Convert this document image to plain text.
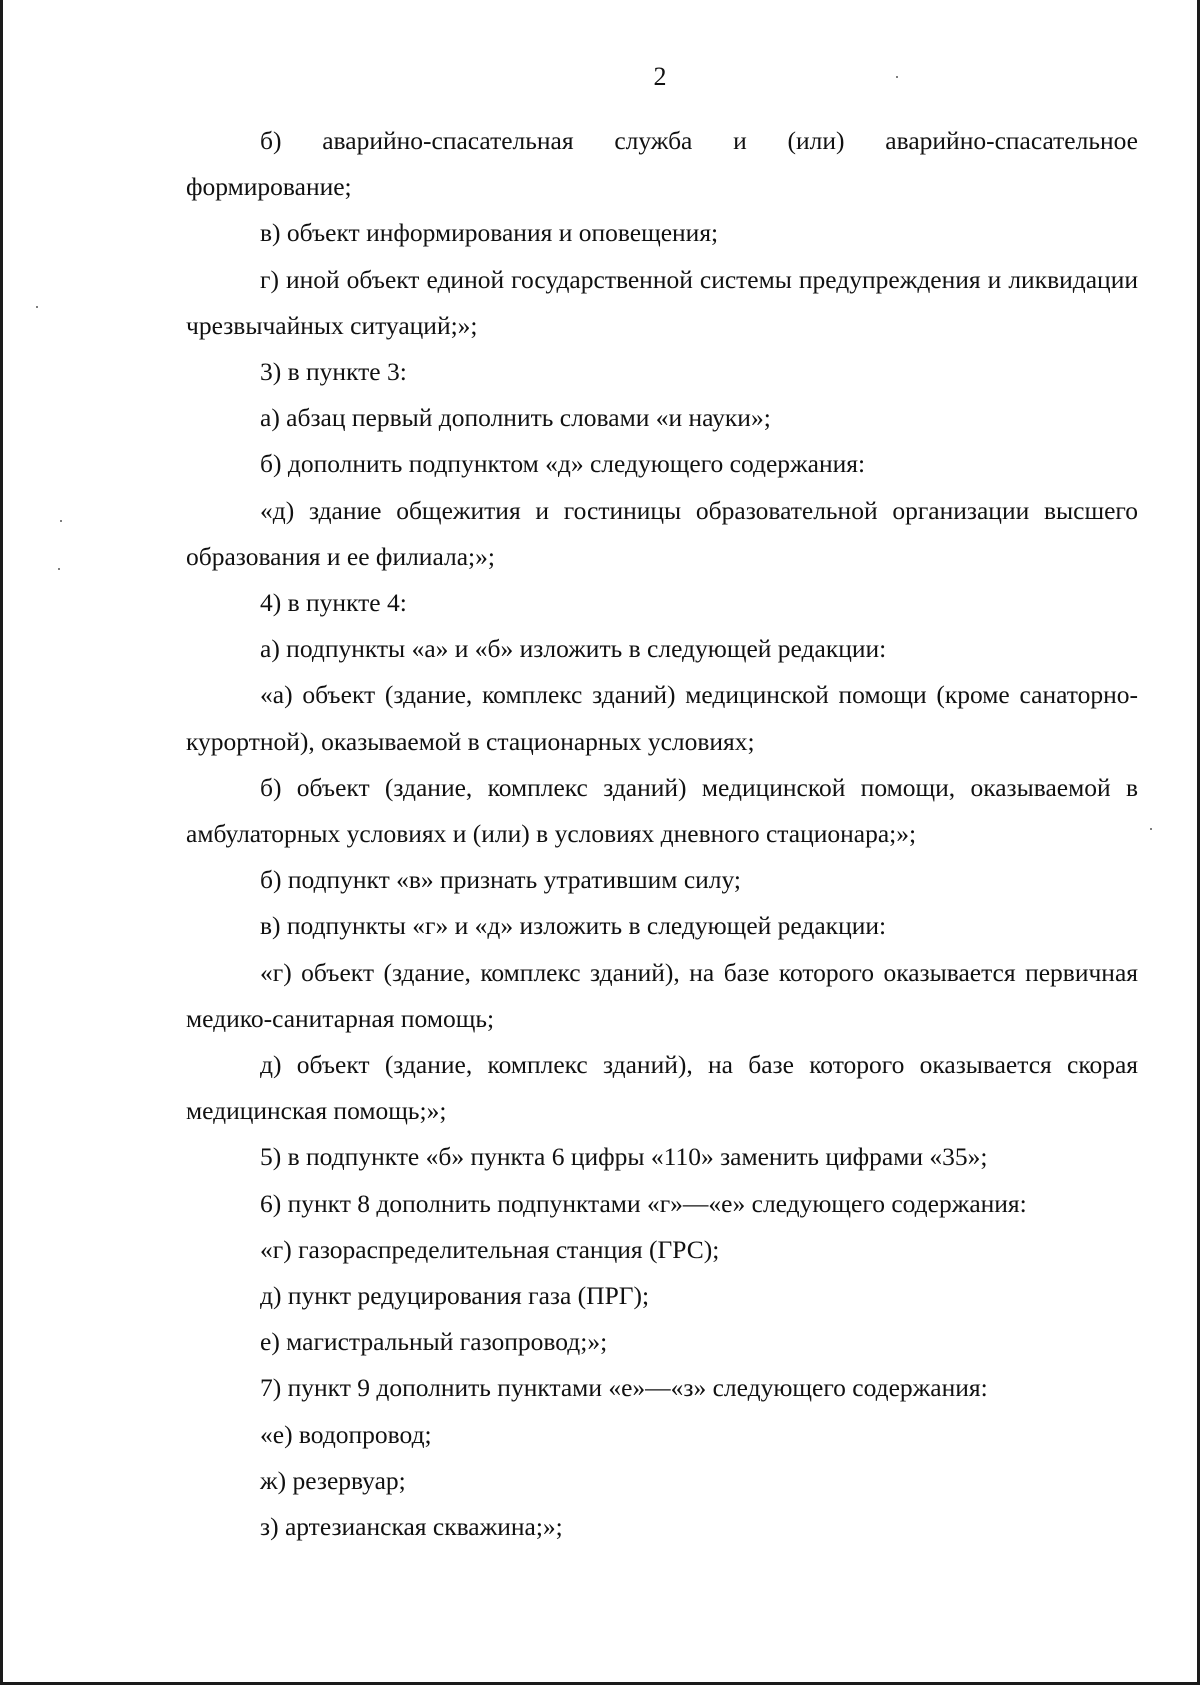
2

б) аварийно-спасательная служба и (или) аварийно-спасательное формирование;

в) объект информирования и оповещения;

г) иной объект единой государственной системы предупреждения и ликвидации чрезвычайных ситуаций;»;

3) в пункте 3:

а) абзац первый дополнить словами «и науки»;

б) дополнить подпунктом «д» следующего содержания:

«д) здание общежития и гостиницы образовательной организации высшего образования и ее филиала;»;

4) в пункте 4:

а) подпункты «а» и «б» изложить в следующей редакции:

«а) объект (здание, комплекс зданий) медицинской помощи (кроме санаторно-курортной), оказываемой в стационарных условиях;

б) объект (здание, комплекс зданий) медицинской помощи, оказываемой в амбулаторных условиях и (или) в условиях дневного стационара;»;

б) подпункт «в» признать утратившим силу;

в) подпункты «г» и «д» изложить в следующей редакции:

«г) объект (здание, комплекс зданий), на базе которого оказывается первичная медико-санитарная помощь;

д) объект (здание, комплекс зданий), на базе которого оказывается скорая медицинская помощь;»;

5) в подпункте «б» пункта 6 цифры «110» заменить цифрами «35»;

6) пункт 8 дополнить подпунктами «г»—«е» следующего содержания:

«г) газораспределительная станция (ГРС);

д) пункт редуцирования газа (ПРГ);

е) магистральный газопровод;»;

7) пункт 9 дополнить пунктами «е»—«з» следующего содержания:

«е) водопровод;

ж) резервуар;

з) артезианская скважина;»;
